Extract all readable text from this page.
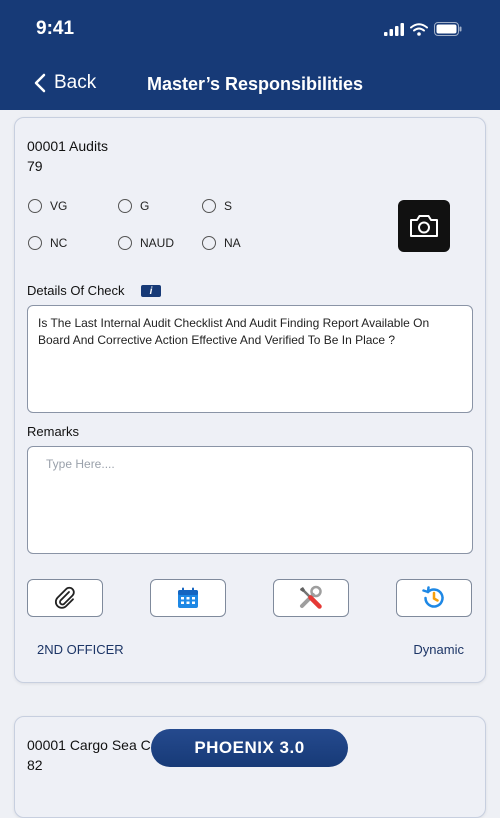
9:41
Back	Master’s Responsibilities
00001 Audits
79
VG	G	S
NC	NAUD	NA
Details Of Check	i
Is The Last Internal Audit Checklist And Audit Finding Report Available On Board And Corrective Action Effective And Verified To Be In Place ?
Remarks
Type Here....
2ND OFFICER	Dynamic
00001 Cargo Sea C
82
PHOENIX 3.0
